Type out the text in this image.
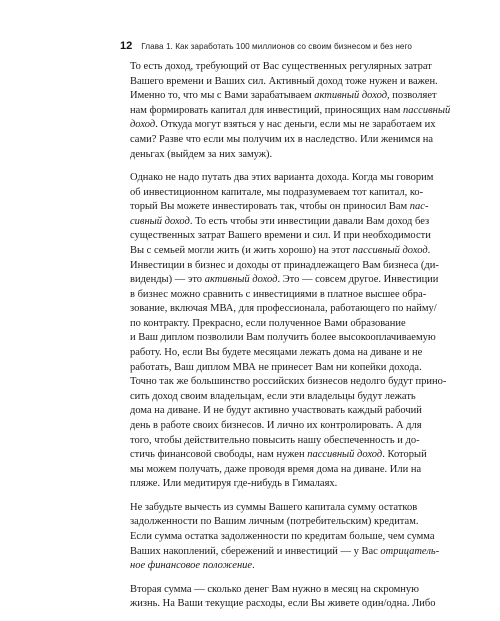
12 Глава 1. Как заработать 100 миллионов со своим бизнесом и без него
То есть доход, требующий от Вас существенных регулярных затрат
Вашего времени и Ваших сил. Активный доход тоже нужен и важен.
Именно то, что мы с Вами зарабатываем активный доход, позволяет
нам формировать капитал для инвестиций, приносящих нам пассивный
доход. Откуда могут взяться у нас деньги, если мы не заработаем их
сами? Разве что если мы получим их в наследство. Или женимся на
деньгах (выйдем за них замуж).
Однако не надо путать два этих варианта дохода. Когда мы говорим
об инвестиционном капитале, мы подразумеваем тот капитал, ко-
торый Вы можете инвестировать так, чтобы он приносил Вам пас-
сивный доход. То есть чтобы эти инвестиции давали Вам доход без
существенных затрат Вашего времени и сил. И при необходимости
Вы с семьей могли жить (и жить хорошо) на этот пассивный доход.
Инвестиции в бизнес и доходы от принадлежащего Вам бизнеса (ди-
виденды) — это активный доход. Это — совсем другое. Инвестиции
в бизнес можно сравнить с инвестициями в платное высшее обра-
зование, включая МВА, для профессионала, работающего по найму/
по контракту. Прекрасно, если полученное Вами образование
и Ваш диплом позволили Вам получить более высокооплачиваемую
работу. Но, если Вы будете месяцами лежать дома на диване и не
работать, Ваш диплом МВА не принесет Вам ни копейки дохода.
Точно так же большинство российских бизнесов недолго будут прино-
сить доход своим владельцам, если эти владельцы будут лежать
дома на диване. И не будут активно участвовать каждый рабочий
день в работе своих бизнесов. И лично их контролировать. А для
того, чтобы действительно повысить нашу обеспеченность и до-
стичь финансовой свободы, нам нужен пассивный доход. Который
мы можем получать, даже проводя время дома на диване. Или на
пляже. Или медитируя где-нибудь в Гималаях.
Не забудьте вычесть из суммы Вашего капитала сумму остатков
задолженности по Вашим личным (потребительским) кредитам.
Если сумма остатка задолженности по кредитам больше, чем сумма
Ваших накоплений, сбережений и инвестиций — у Вас отрицатель-
ное финансовое положение.
Вторая сумма — сколько денег Вам нужно в месяц на скромную
жизнь. На Ваши текущие расходы, если Вы живете один/одна. Либо
